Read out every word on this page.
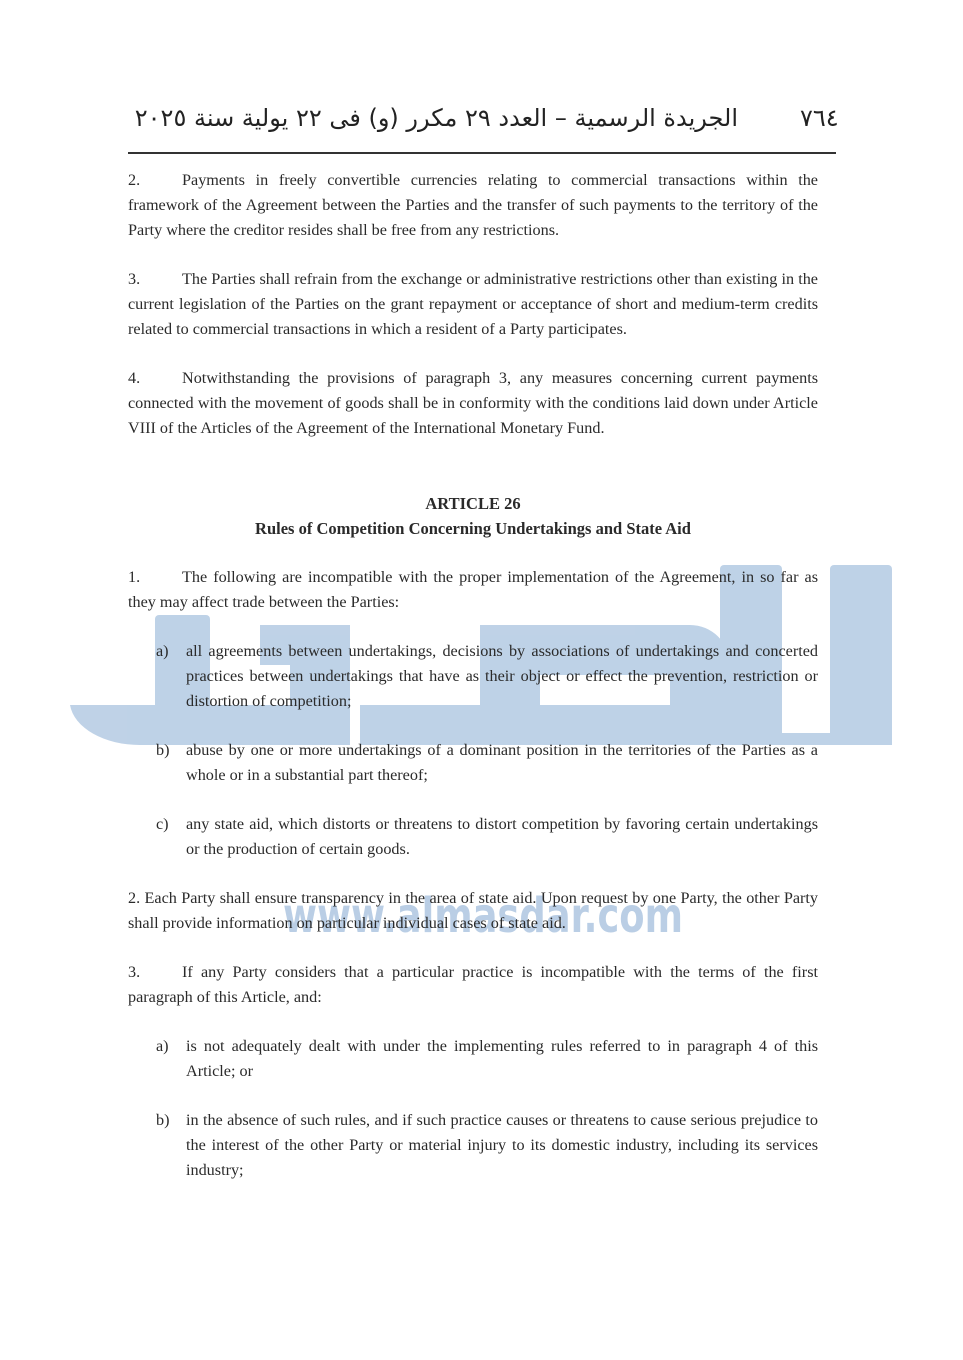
www.almasdar.com
الجريدة الرسمية – العدد ٢٩ مكرر (و) فى ٢٢ يولية سنة ٢٠٢٥	٧٦٤

2.	Payments in freely convertible currencies relating to commercial transactions within the framework of the Agreement between the Parties and the transfer of such payments to the territory of the Party where the creditor resides shall be free from any restrictions.

3.	The Parties shall refrain from the exchange or administrative restrictions other than existing in the current legislation of the Parties on the grant repayment or acceptance of short and medium-term credits related to commercial transactions in which a resident of a Party participates.

4.	Notwithstanding the provisions of paragraph 3, any measures concerning current payments connected with the movement of goods shall be in conformity with the conditions laid down under Article VIII of the Articles of the Agreement of the International Monetary Fund.

ARTICLE 26
Rules of Competition Concerning Undertakings and State Aid

1.	The following are incompatible with the proper implementation of the Agreement, in so far as they may affect trade between the Parties:

a)	all agreements between undertakings, decisions by associations of undertakings and concerted practices between undertakings that have as their object or effect the prevention, restriction or distortion of competition;
b)	abuse by one or more undertakings of a dominant position in the territories of the Parties as a whole or in a substantial part thereof;
c)	any state aid, which distorts or threatens to distort competition by favoring certain undertakings or the production of certain goods.

2. Each Party shall ensure transparency in the area of state aid. Upon request by one Party, the other Party shall provide information on particular individual cases of state aid.

3.	If any Party considers that a particular practice is incompatible with the terms of the first paragraph of this Article, and:

a)	is not adequately dealt with under the implementing rules referred to in paragraph 4 of this Article; or
b)	in the absence of such rules, and if such practice causes or threatens to cause serious prejudice to the interest of the other Party or material injury to its domestic industry, including its services industry;
